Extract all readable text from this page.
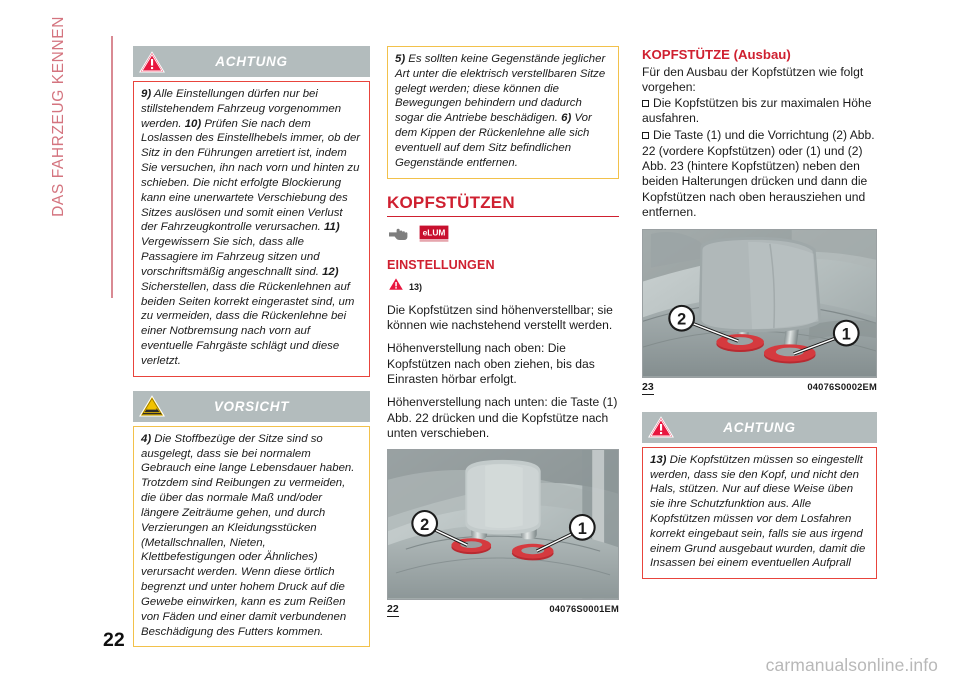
DAS FAHRZEUG KENNEN	ACHTUNG
9) Alle Einstellungen dürfen nur bei stillstehendem Fahrzeug vorgenommen werden. 10) Prüfen Sie nach dem Loslassen des Einstellhebels immer, ob der Sitz in den Führungen arretiert ist, indem Sie versuchen, ihn nach vorn und hinten zu schieben. Die nicht erfolgte Blockierung kann eine unerwartete Verschiebung des Sitzes auslösen und somit einen Verlust der Fahrzeugkontrolle verursachen. 11) Vergewissern Sie sich, dass alle Passagiere im Fahrzeug sitzen und vorschriftsmäßig angeschnallt sind. 12) Sicherstellen, dass die Rückenlehnen auf beiden Seiten korrekt eingerastet sind, um zu vermeiden, dass die Rückenlehne bei einer Notbremsung nach vorn auf eventuelle Fahrgäste schlägt und diese verletzt.
VORSICHT
4) Die Stoffbezüge der Sitze sind so ausgelegt, dass sie bei normalem Gebrauch eine lange Lebensdauer haben. Trotzdem sind Reibungen zu vermeiden, die über das normale Maß und/oder längere Zeiträume gehen, und durch Verzierungen an Kleidungsstücken (Metallschnallen, Nieten, Klettbefestigungen oder Ähnliches) verursacht werden. Wenn diese örtlich begrenzt und unter hohem Druck auf die Gewebe einwirken, kann es zum Reißen von Fäden und einer damit verbundenen Beschädigung des Futters kommen.
5) Es sollten keine Gegenstände jeglicher Art unter die elektrisch verstellbaren Sitze gelegt werden; diese können die Bewegungen behindern und dadurch sogar die Antriebe beschädigen. 6) Vor dem Kippen der Rückenlehne alle sich eventuell auf dem Sitz befindlichen Gegenstände entfernen.
KOPFSTÜTZEN
eLUM
EINSTELLUNGEN
13)

Die Kopfstützen sind höhenverstellbar; sie können wie nachstehend verstellt werden.

Höhenverstellung nach oben: Die Kopfstützen nach oben ziehen, bis das Einrasten hörbar erfolgt.

Höhenverstellung nach unten: die Taste (1) Abb. 22 drücken und die Kopfstütze nach unten verschieben.

2	1
22	04076S0001EM
KOPFSTÜTZE (Ausbau)

Für den Ausbau der Kopfstützen wie folgt vorgehen:

Die Kopfstützen bis zur maximalen Höhe ausfahren.
Die Taste (1) und die Vorrichtung (2) Abb. 22 (vordere Kopfstützen) oder (1) und (2) Abb. 23 (hintere Kopfstützen) neben den beiden Halterungen drücken und dann die Kopfstützen nach oben herausziehen und entfernen.
2
1
23	04076S0002EM
ACHTUNG
13) Die Kopfstützen müssen so eingestellt werden, dass sie den Kopf, und nicht den Hals, stützen. Nur auf diese Weise üben sie ihre Schutzfunktion aus. Alle Kopfstützen müssen vor dem Losfahren korrekt eingebaut sein, falls sie aus irgend einem Grund ausgebaut wurden, damit die Insassen bei einem eventuellen Aufprall
22
carmanualsonline.info
